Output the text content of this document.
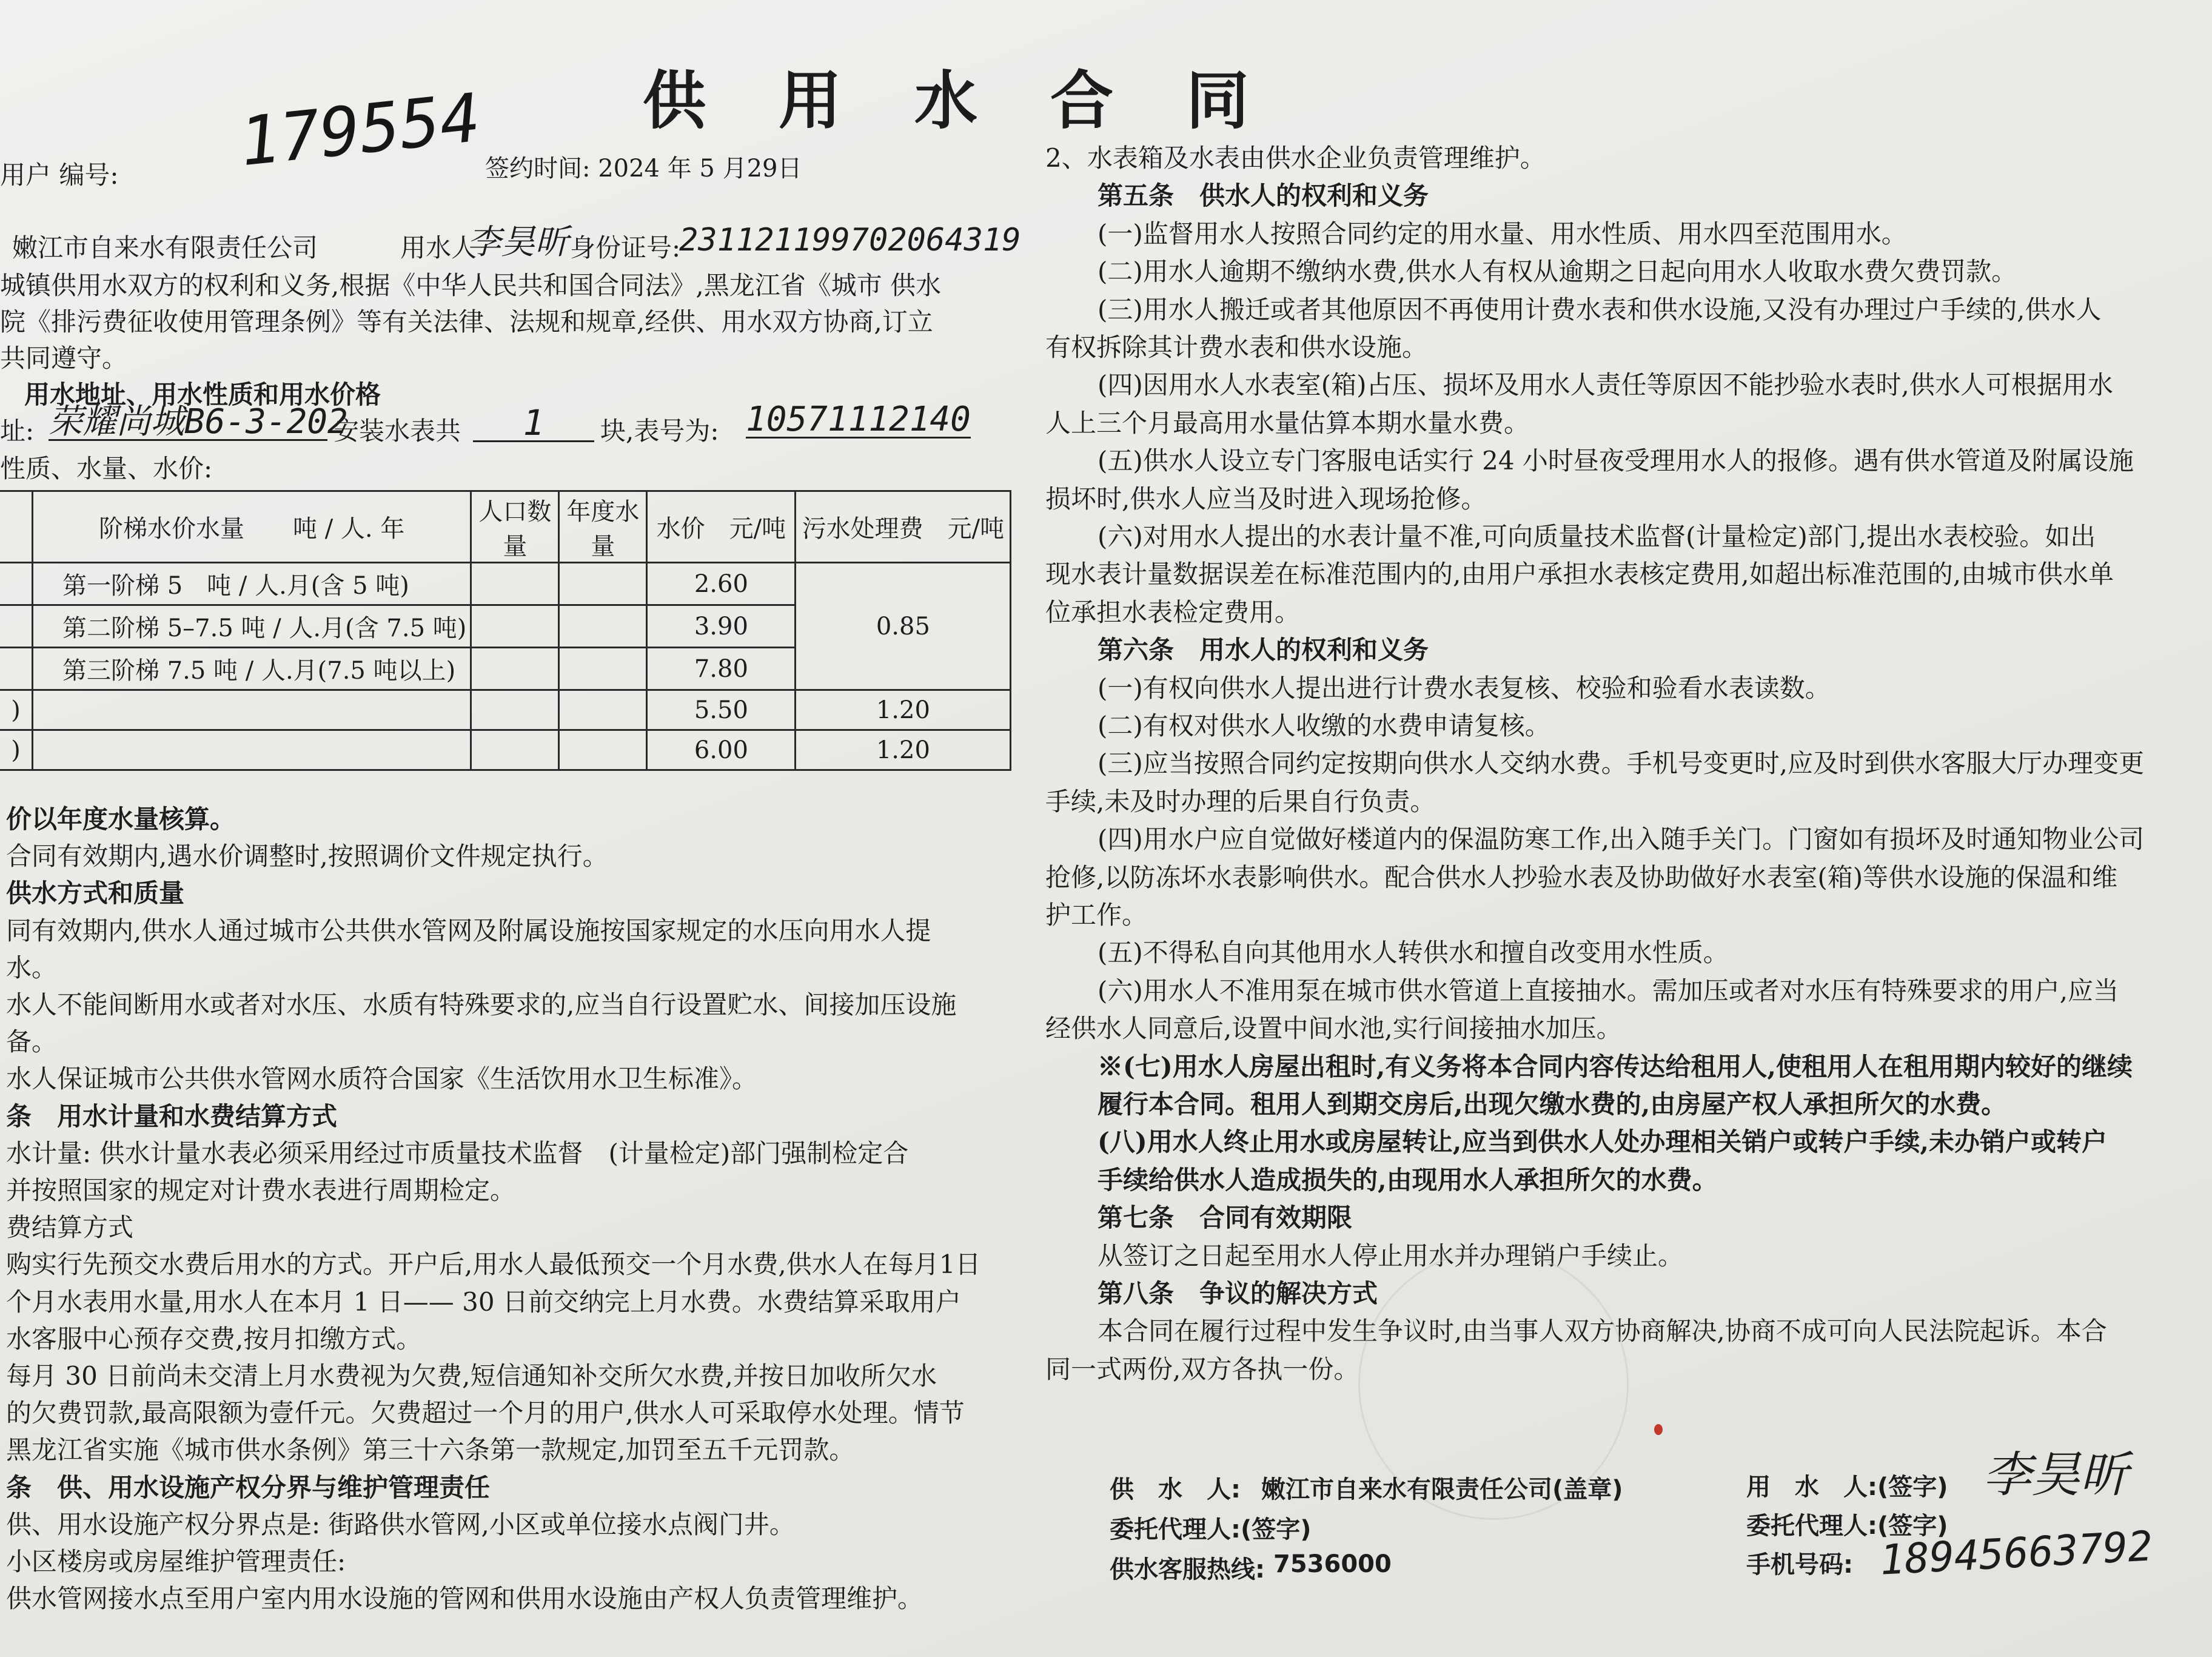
供用水合同
179554
用户 编号:	签约时间: 2024 年 5 月29日
嫩江市自来水有限责任公司	用水人
李昊昕 身份证号:
231121199702064319
城镇供用水双方的权利和义务,根据《中华人民共和国合同法》,黑龙江省《城市 供水
院《排污费征收使用管理条例》等有关法律、法规和规章,经供、用水双方协商,订立
共同遵守。
用水地址、用水性质和用水价格
址: 荣耀尚城B6-3-202
安装水表共	1	块,表号为: 10571112140
性质、水量、水价:
	阶梯水价水量　　吨 / 人. 年	人口数量	年度水量	水价　元/吨	污水处理费　元/吨
	第一阶梯 5　吨 / 人.月(含 5 吨)			2.60	0.85
	第二阶梯 5–7.5 吨 / 人.月(含 7.5 吨)			3.90	
	第三阶梯 7.5 吨 / 人.月(7.5 吨以上)			7.80	
)				5.50	1.20
)				6.00	1.20
价以年度水量核算。
合同有效期内,遇水价调整时,按照调价文件规定执行。
供水方式和质量
同有效期内,供水人通过城市公共供水管网及附属设施按国家规定的水压向用水人提
水。
水人不能间断用水或者对水压、水质有特殊要求的,应当自行设置贮水、间接加压设施
备。
水人保证城市公共供水管网水质符合国家《生活饮用水卫生标准》。
条　用水计量和水费结算方式
水计量: 供水计量水表必须采用经过市质量技术监督　(计量检定)部门强制检定合
并按照国家的规定对计费水表进行周期检定。
费结算方式
购实行先预交水费后用水的方式。开户后,用水人最低预交一个月水费,供水人在每月1日
个月水表用水量,用水人在本月 1 日—— 30 日前交纳完上月水费。水费结算采取用户
水客服中心预存交费,按月扣缴方式。
每月 30 日前尚未交清上月水费视为欠费,短信通知补交所欠水费,并按日加收所欠水
的欠费罚款,最高限额为壹仟元。欠费超过一个月的用户,供水人可采取停水处理。情节
黑龙江省实施《城市供水条例》第三十六条第一款规定,加罚至五千元罚款。
条　供、用水设施产权分界与维护管理责任
供、用水设施产权分界点是: 街路供水管网,小区或单位接水点阀门井。
小区楼房或房屋维护管理责任:
供水管网接水点至用户室内用水设施的管网和供用水设施由产权人负责管理维护。
2、水表箱及水表由供水企业负责管理维护。
第五条　供水人的权利和义务
(一)监督用水人按照合同约定的用水量、用水性质、用水四至范围用水。
(二)用水人逾期不缴纳水费,供水人有权从逾期之日起向用水人收取水费欠费罚款。
(三)用水人搬迁或者其他原因不再使用计费水表和供水设施,又没有办理过户手续的,供水人
有权拆除其计费水表和供水设施。
(四)因用水人水表室(箱)占压、损坏及用水人责任等原因不能抄验水表时,供水人可根据用水
人上三个月最高用水量估算本期水量水费。
(五)供水人设立专门客服电话实行 24 小时昼夜受理用水人的报修。遇有供水管道及附属设施
损坏时,供水人应当及时进入现场抢修。
(六)对用水人提出的水表计量不准,可向质量技术监督(计量检定)部门,提出水表校验。如出
现水表计量数据误差在标准范围内的,由用户承担水表核定费用,如超出标准范围的,由城市供水单
位承担水表检定费用。
第六条　用水人的权利和义务
(一)有权向供水人提出进行计费水表复核、校验和验看水表读数。
(二)有权对供水人收缴的水费申请复核。
(三)应当按照合同约定按期向供水人交纳水费。手机号变更时,应及时到供水客服大厅办理变更
手续,未及时办理的后果自行负责。
(四)用水户应自觉做好楼道内的保温防寒工作,出入随手关门。门窗如有损坏及时通知物业公司
抢修,以防冻坏水表影响供水。配合供水人抄验水表及协助做好水表室(箱)等供水设施的保温和维
护工作。
(五)不得私自向其他用水人转供水和擅自改变用水性质。
(六)用水人不准用泵在城市供水管道上直接抽水。需加压或者对水压有特殊要求的用户,应当
经供水人同意后,设置中间水池,实行间接抽水加压。
※(七)用水人房屋出租时,有义务将本合同内容传达给租用人,使租用人在租用期内较好的继续
履行本合同。租用人到期交房后,出现欠缴水费的,由房屋产权人承担所欠的水费。
(八)用水人终止用水或房屋转让,应当到供水人处办理相关销户或转户手续,未办销户或转户
手续给供水人造成损失的,由现用水人承担所欠的水费。
第七条　合同有效期限
从签订之日起至用水人停止用水并办理销户手续止。
第八条　争议的解决方式
本合同在履行过程中发生争议时,由当事人双方协商解决,协商不成可向人民法院起诉。本合
同一式两份,双方各执一份。
供　水　人: 嫩江市自来水有限责任公司(盖章)
委托代理人:(签字)
供水客服热线: 7536000
用　水　人:(签字) 李昊昕
委托代理人:(签字)
手机号码: 18945663792
